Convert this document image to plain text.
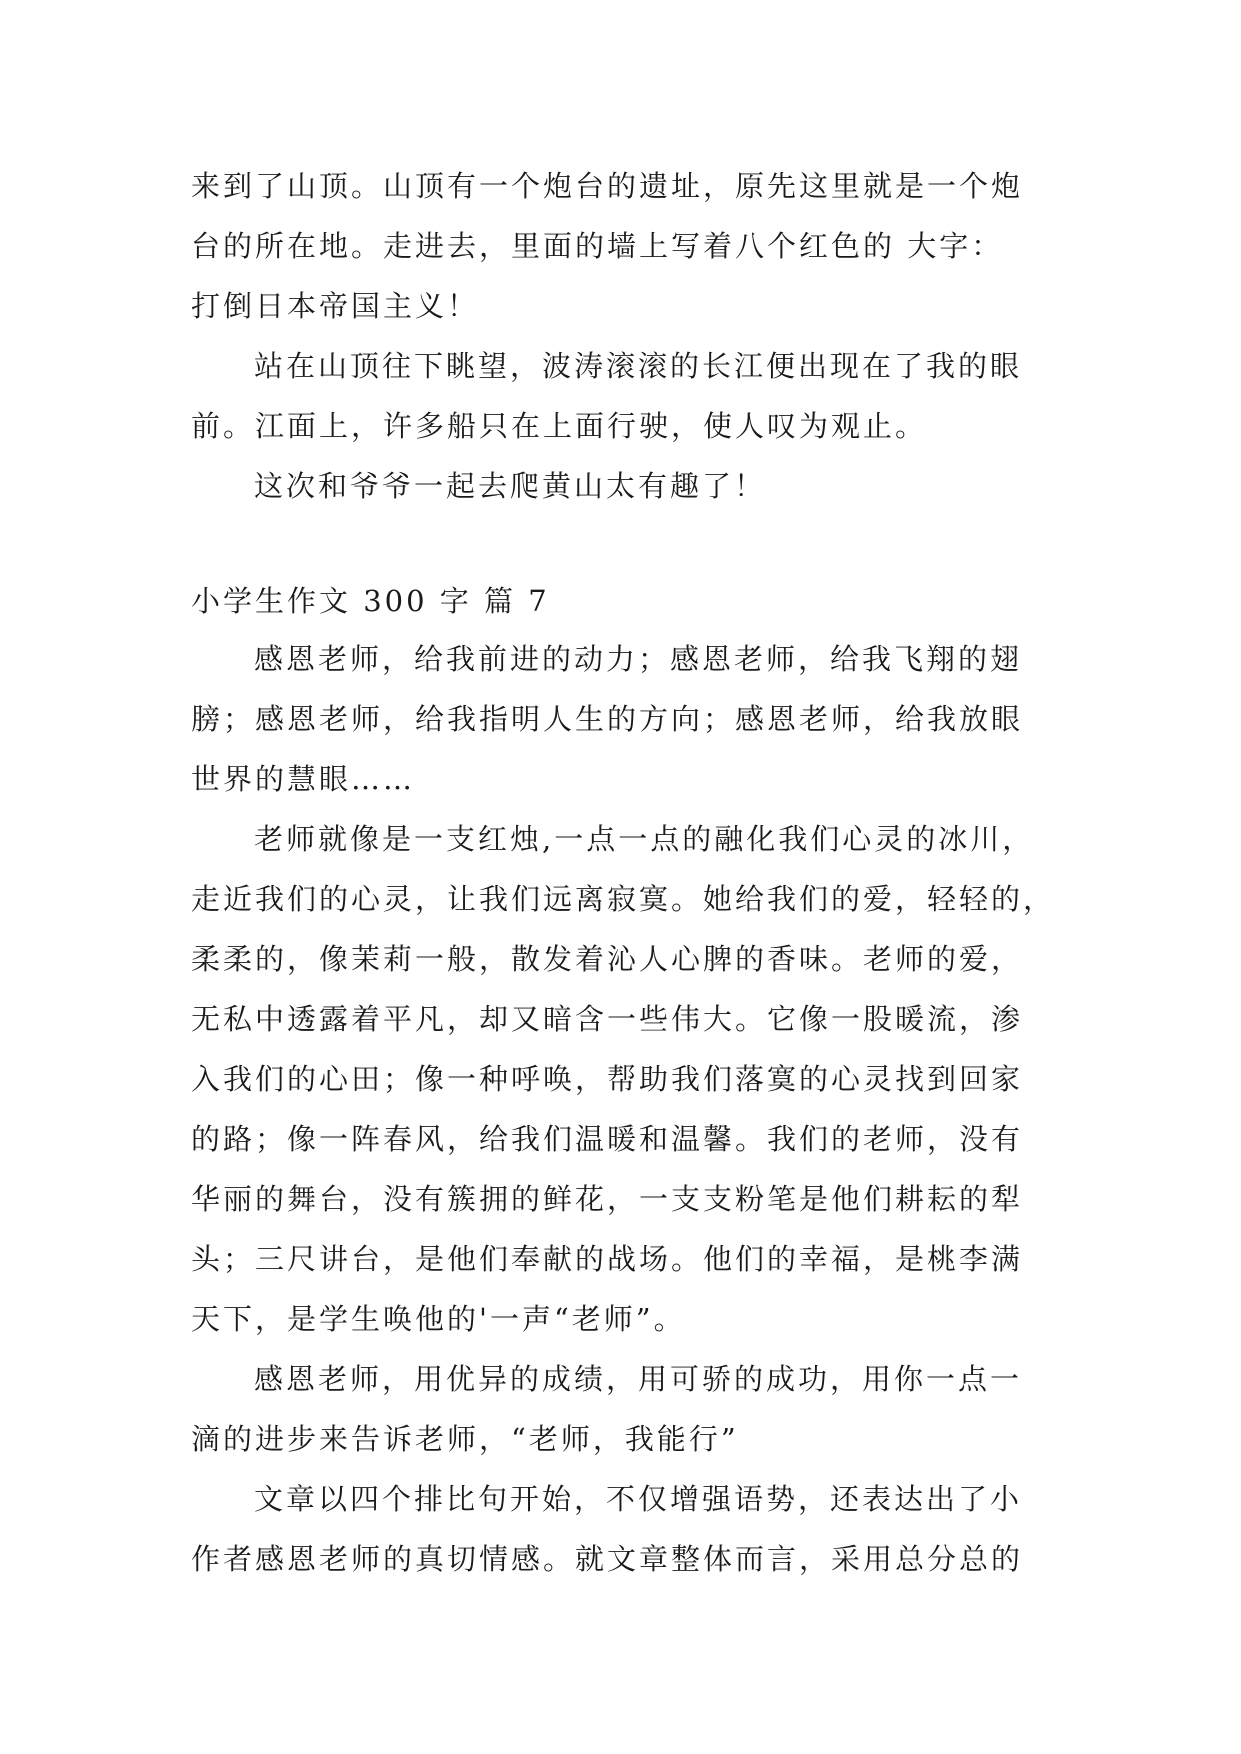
来到了山顶。山顶有一个炮台的遗址，原先这里就是一个炮
台的所在地。走进去，里面的墙上写着八个红色的 大字：
打倒日本帝国主义！
站在山顶往下眺望，波涛滚滚的长江便出现在了我的眼
前。江面上，许多船只在上面行驶，使人叹为观止。
这次和爷爷一起去爬黄山太有趣了！
小学生作文 300 字 篇 7
感恩老师，给我前进的动力；感恩老师，给我飞翔的翅
膀；感恩老师，给我指明人生的方向；感恩老师，给我放眼
世界的慧眼……
老师就像是一支红烛,一点一点的融化我们心灵的冰川，
走近我们的心灵，让我们远离寂寞。她给我们的爱，轻轻的，
柔柔的，像茉莉一般，散发着沁人心脾的香味。老师的爱，
无私中透露着平凡，却又暗含一些伟大。它像一股暖流，渗
入我们的心田；像一种呼唤，帮助我们落寞的心灵找到回家
的路；像一阵春风，给我们温暖和温馨。我们的老师，没有
华丽的舞台，没有簇拥的鲜花，一支支粉笔是他们耕耘的犁
头；三尺讲台，是他们奉献的战场。他们的幸福，是桃李满
天下，是学生唤他的'一声“老师”。
感恩老师，用优异的成绩，用可骄的成功，用你一点一
滴的进步来告诉老师，“老师，我能行”
文章以四个排比句开始，不仅增强语势，还表达出了小
作者感恩老师的真切情感。就文章整体而言，采用总分总的
